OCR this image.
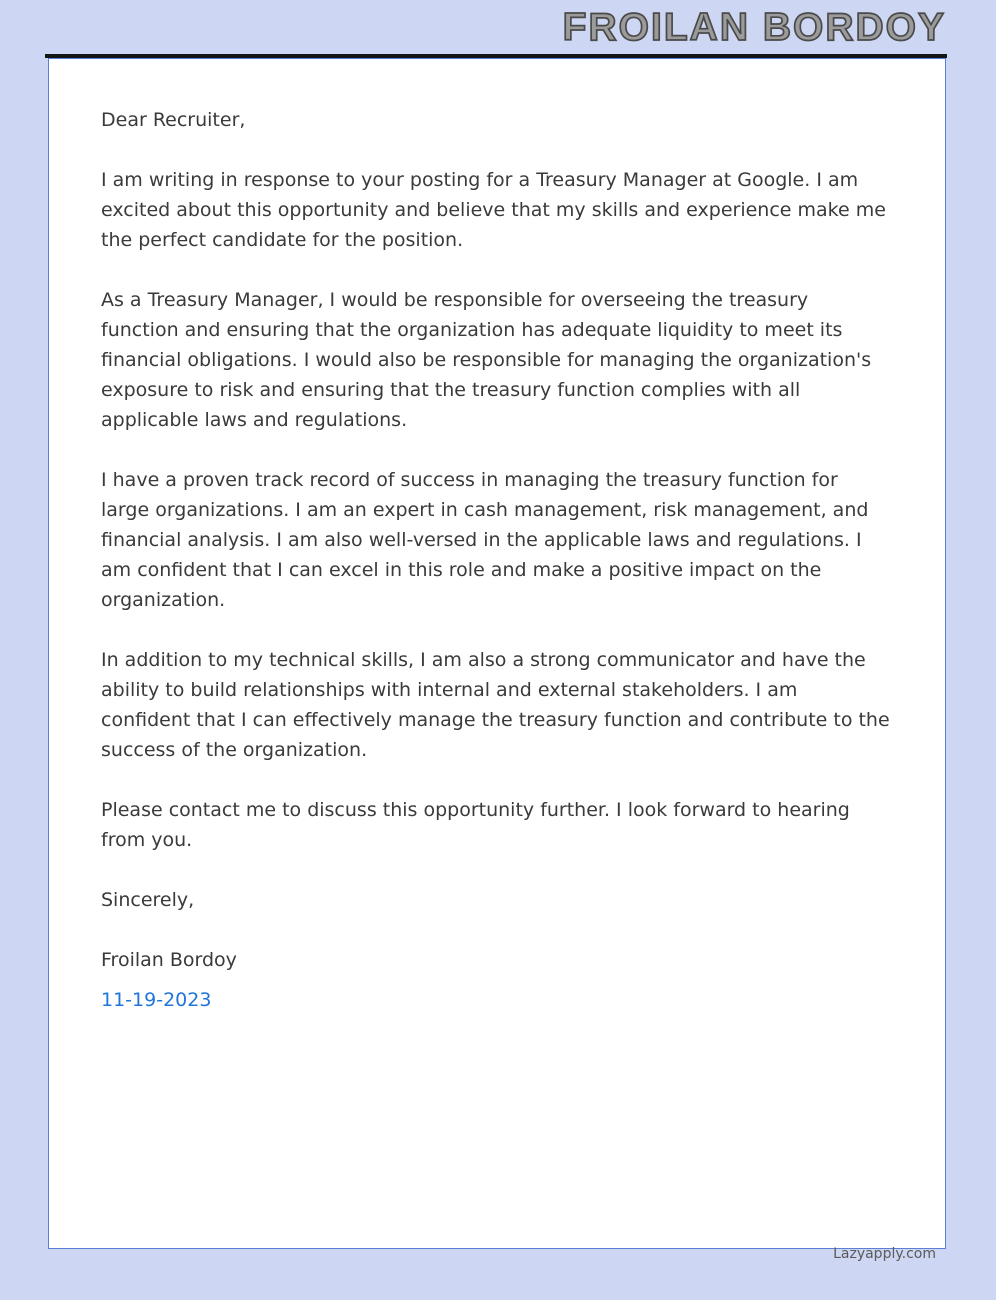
FROILAN BORDOY

Dear Recruiter,

I am writing in response to your posting for a Treasury Manager at Google. I am excited about this opportunity and believe that my skills and experience make me the perfect candidate for the position.

As a Treasury Manager, I would be responsible for overseeing the treasury function and ensuring that the organization has adequate liquidity to meet its financial obligations. I would also be responsible for managing the organization's exposure to risk and ensuring that the treasury function complies with all applicable laws and regulations.

I have a proven track record of success in managing the treasury function for large organizations. I am an expert in cash management, risk management, and financial analysis. I am also well-versed in the applicable laws and regulations. I am confident that I can excel in this role and make a positive impact on the organization.

In addition to my technical skills, I am also a strong communicator and have the ability to build relationships with internal and external stakeholders. I am confident that I can effectively manage the treasury function and contribute to the success of the organization.

Please contact me to discuss this opportunity further. I look forward to hearing from you.

Sincerely,

Froilan Bordoy

11-19-2023

Lazyapply.com
